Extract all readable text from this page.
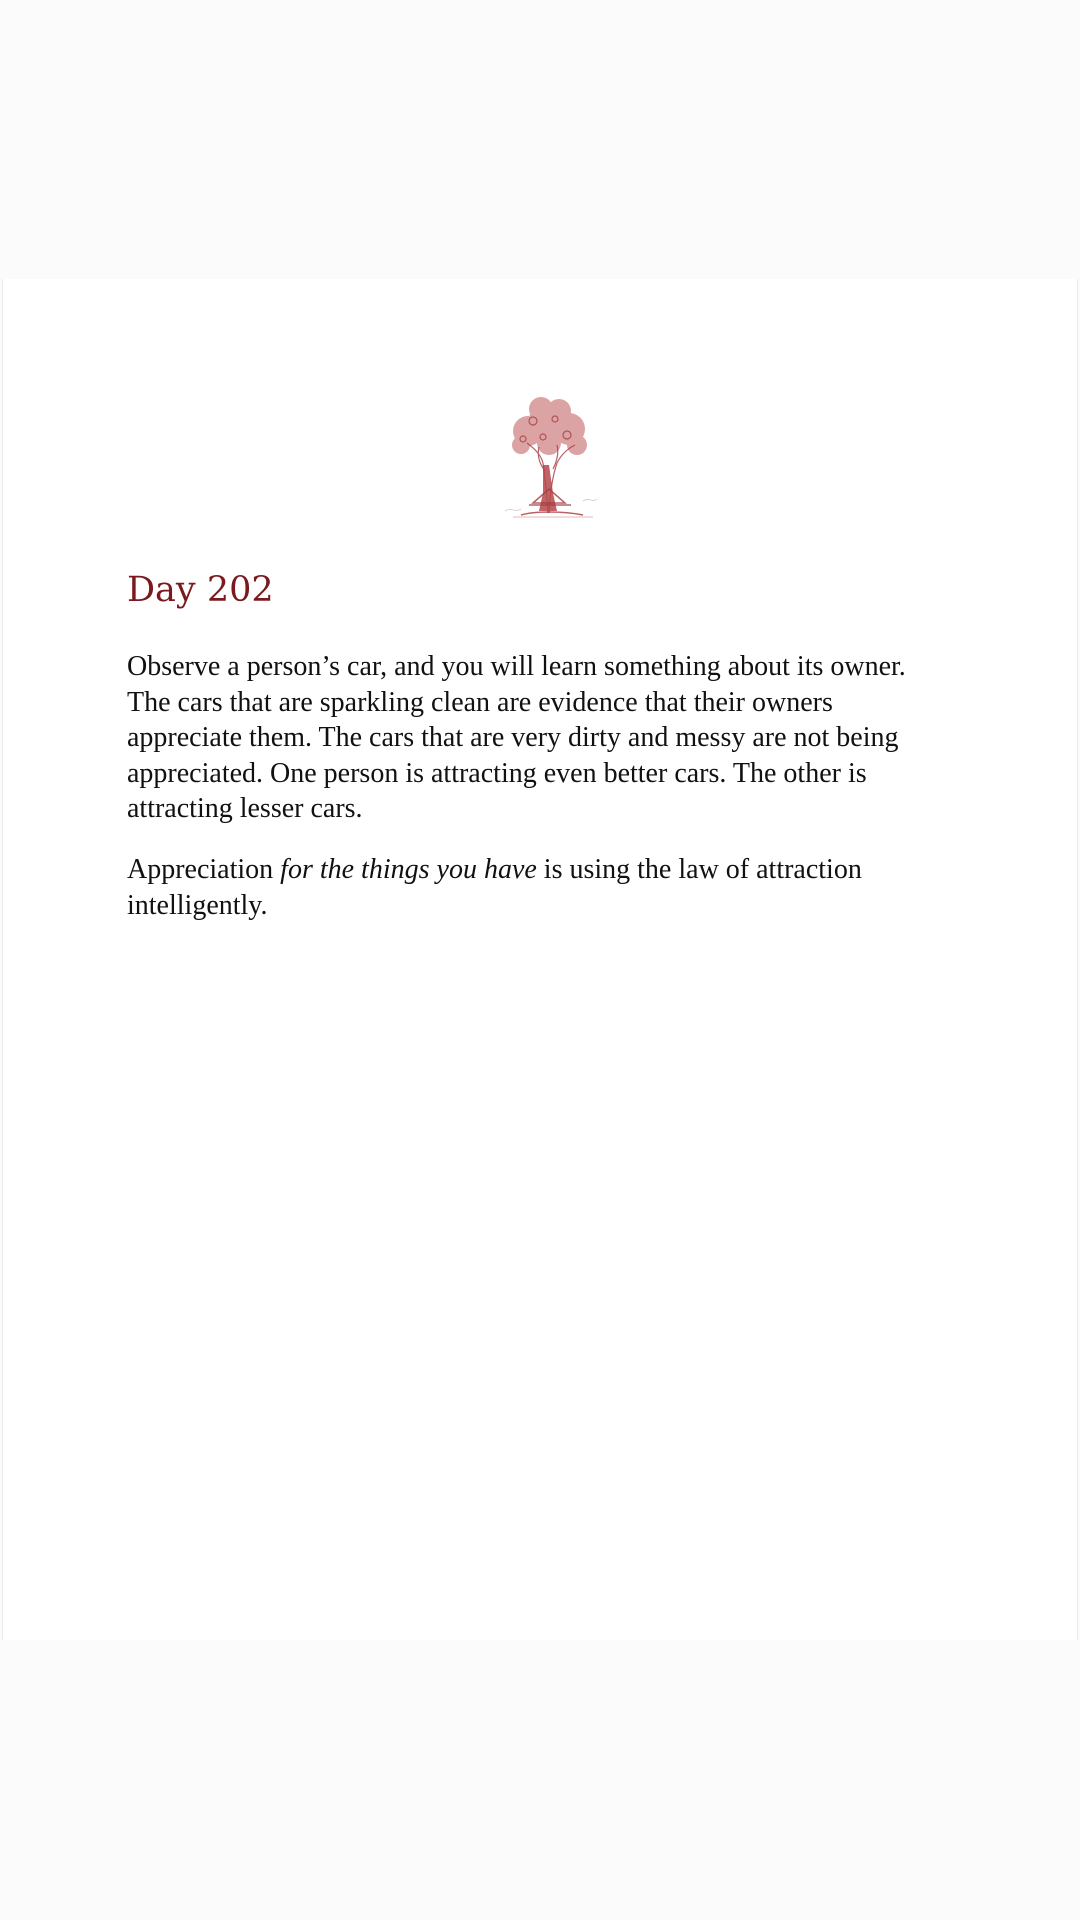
Day 202

Observe a person’s car, and you will learn something about its owner. The cars that are sparkling clean are evidence that their owners appreciate them. The cars that are very dirty and messy are not being appreciated. One person is attracting even better cars. The other is attracting lesser cars.

Appreciation for the things you have is using the law of attraction intelligently.
